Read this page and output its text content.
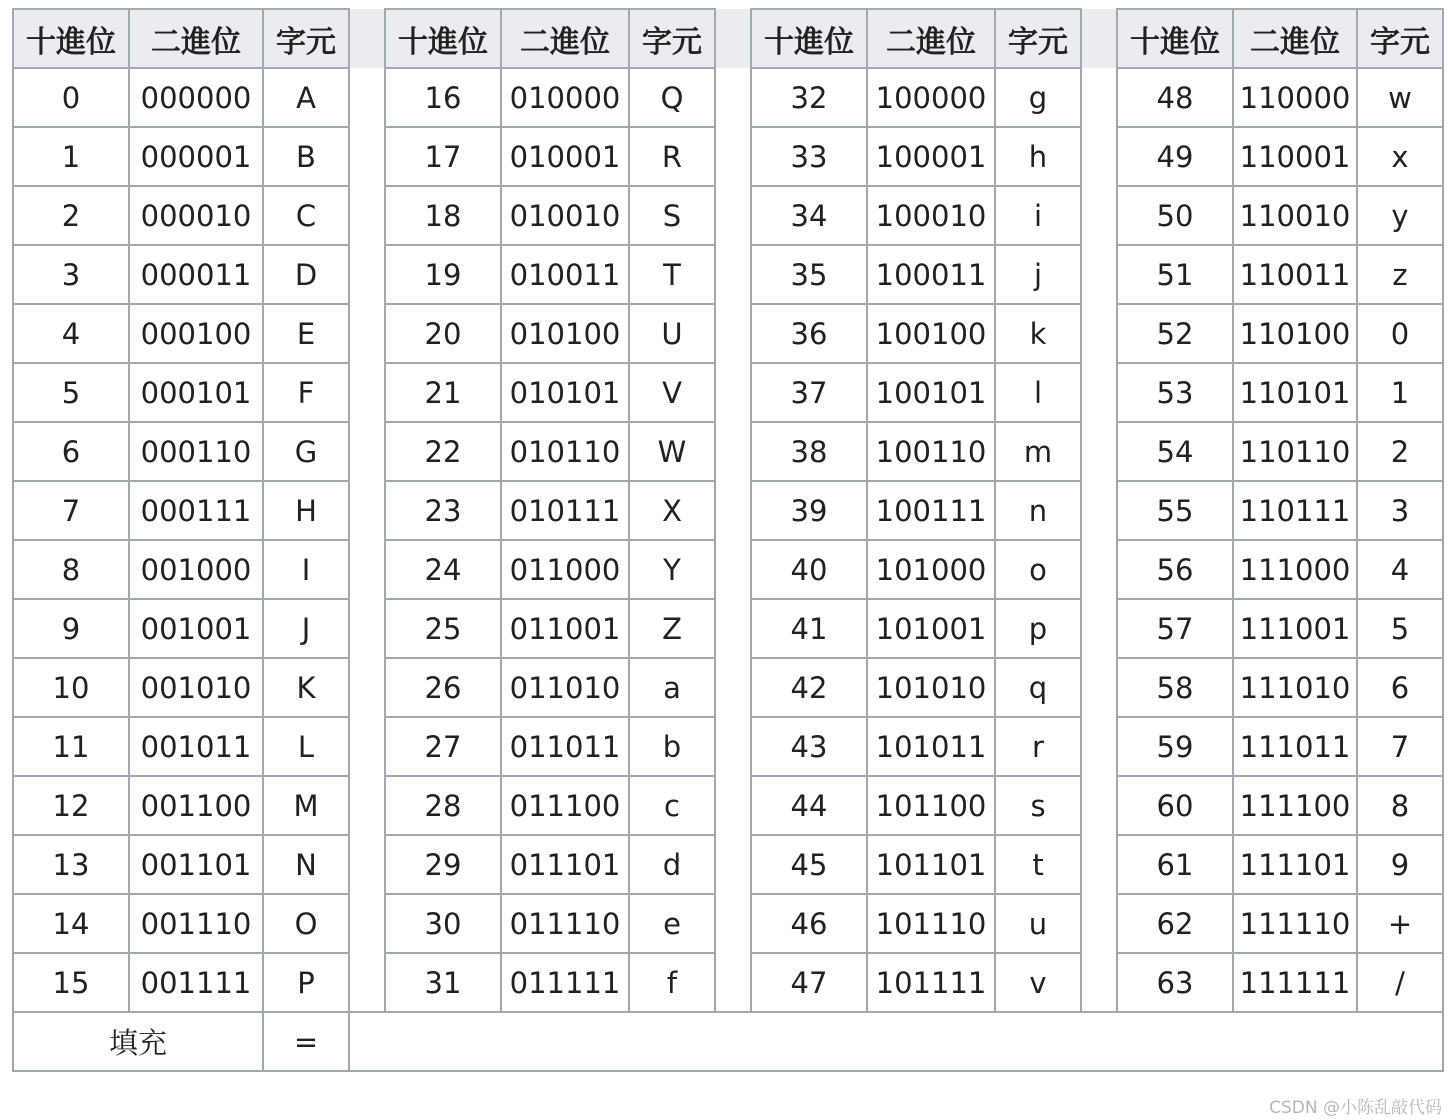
十進位	二進位	字元		十進位	二進位	字元		十進位	二進位	字元		十進位	二進位	字元
0	000000	A		16	010000	Q		32	100000	g		48	110000	w
1	000001	B		17	010001	R		33	100001	h		49	110001	x
2	000010	C		18	010010	S		34	100010	i		50	110010	y
3	000011	D		19	010011	T		35	100011	j		51	110011	z
4	000100	E		20	010100	U		36	100100	k		52	110100	0
5	000101	F		21	010101	V		37	100101	l		53	110101	1
6	000110	G		22	010110	W		38	100110	m		54	110110	2
7	000111	H		23	010111	X		39	100111	n		55	110111	3
8	001000	I		24	011000	Y		40	101000	o		56	111000	4
9	001001	J		25	011001	Z		41	101001	p		57	111001	5
10	001010	K		26	011010	a		42	101010	q		58	111010	6
11	001011	L		27	011011	b		43	101011	r		59	111011	7
12	001100	M		28	011100	c		44	101100	s		60	111100	8
13	001101	N		29	011101	d		45	101101	t		61	111101	9
14	001110	O		30	011110	e		46	101110	u		62	111110	+
15	001111	P		31	011111	f		47	101111	v		63	111111	/
填充		=												
CSDN @小陈乱敲代码
